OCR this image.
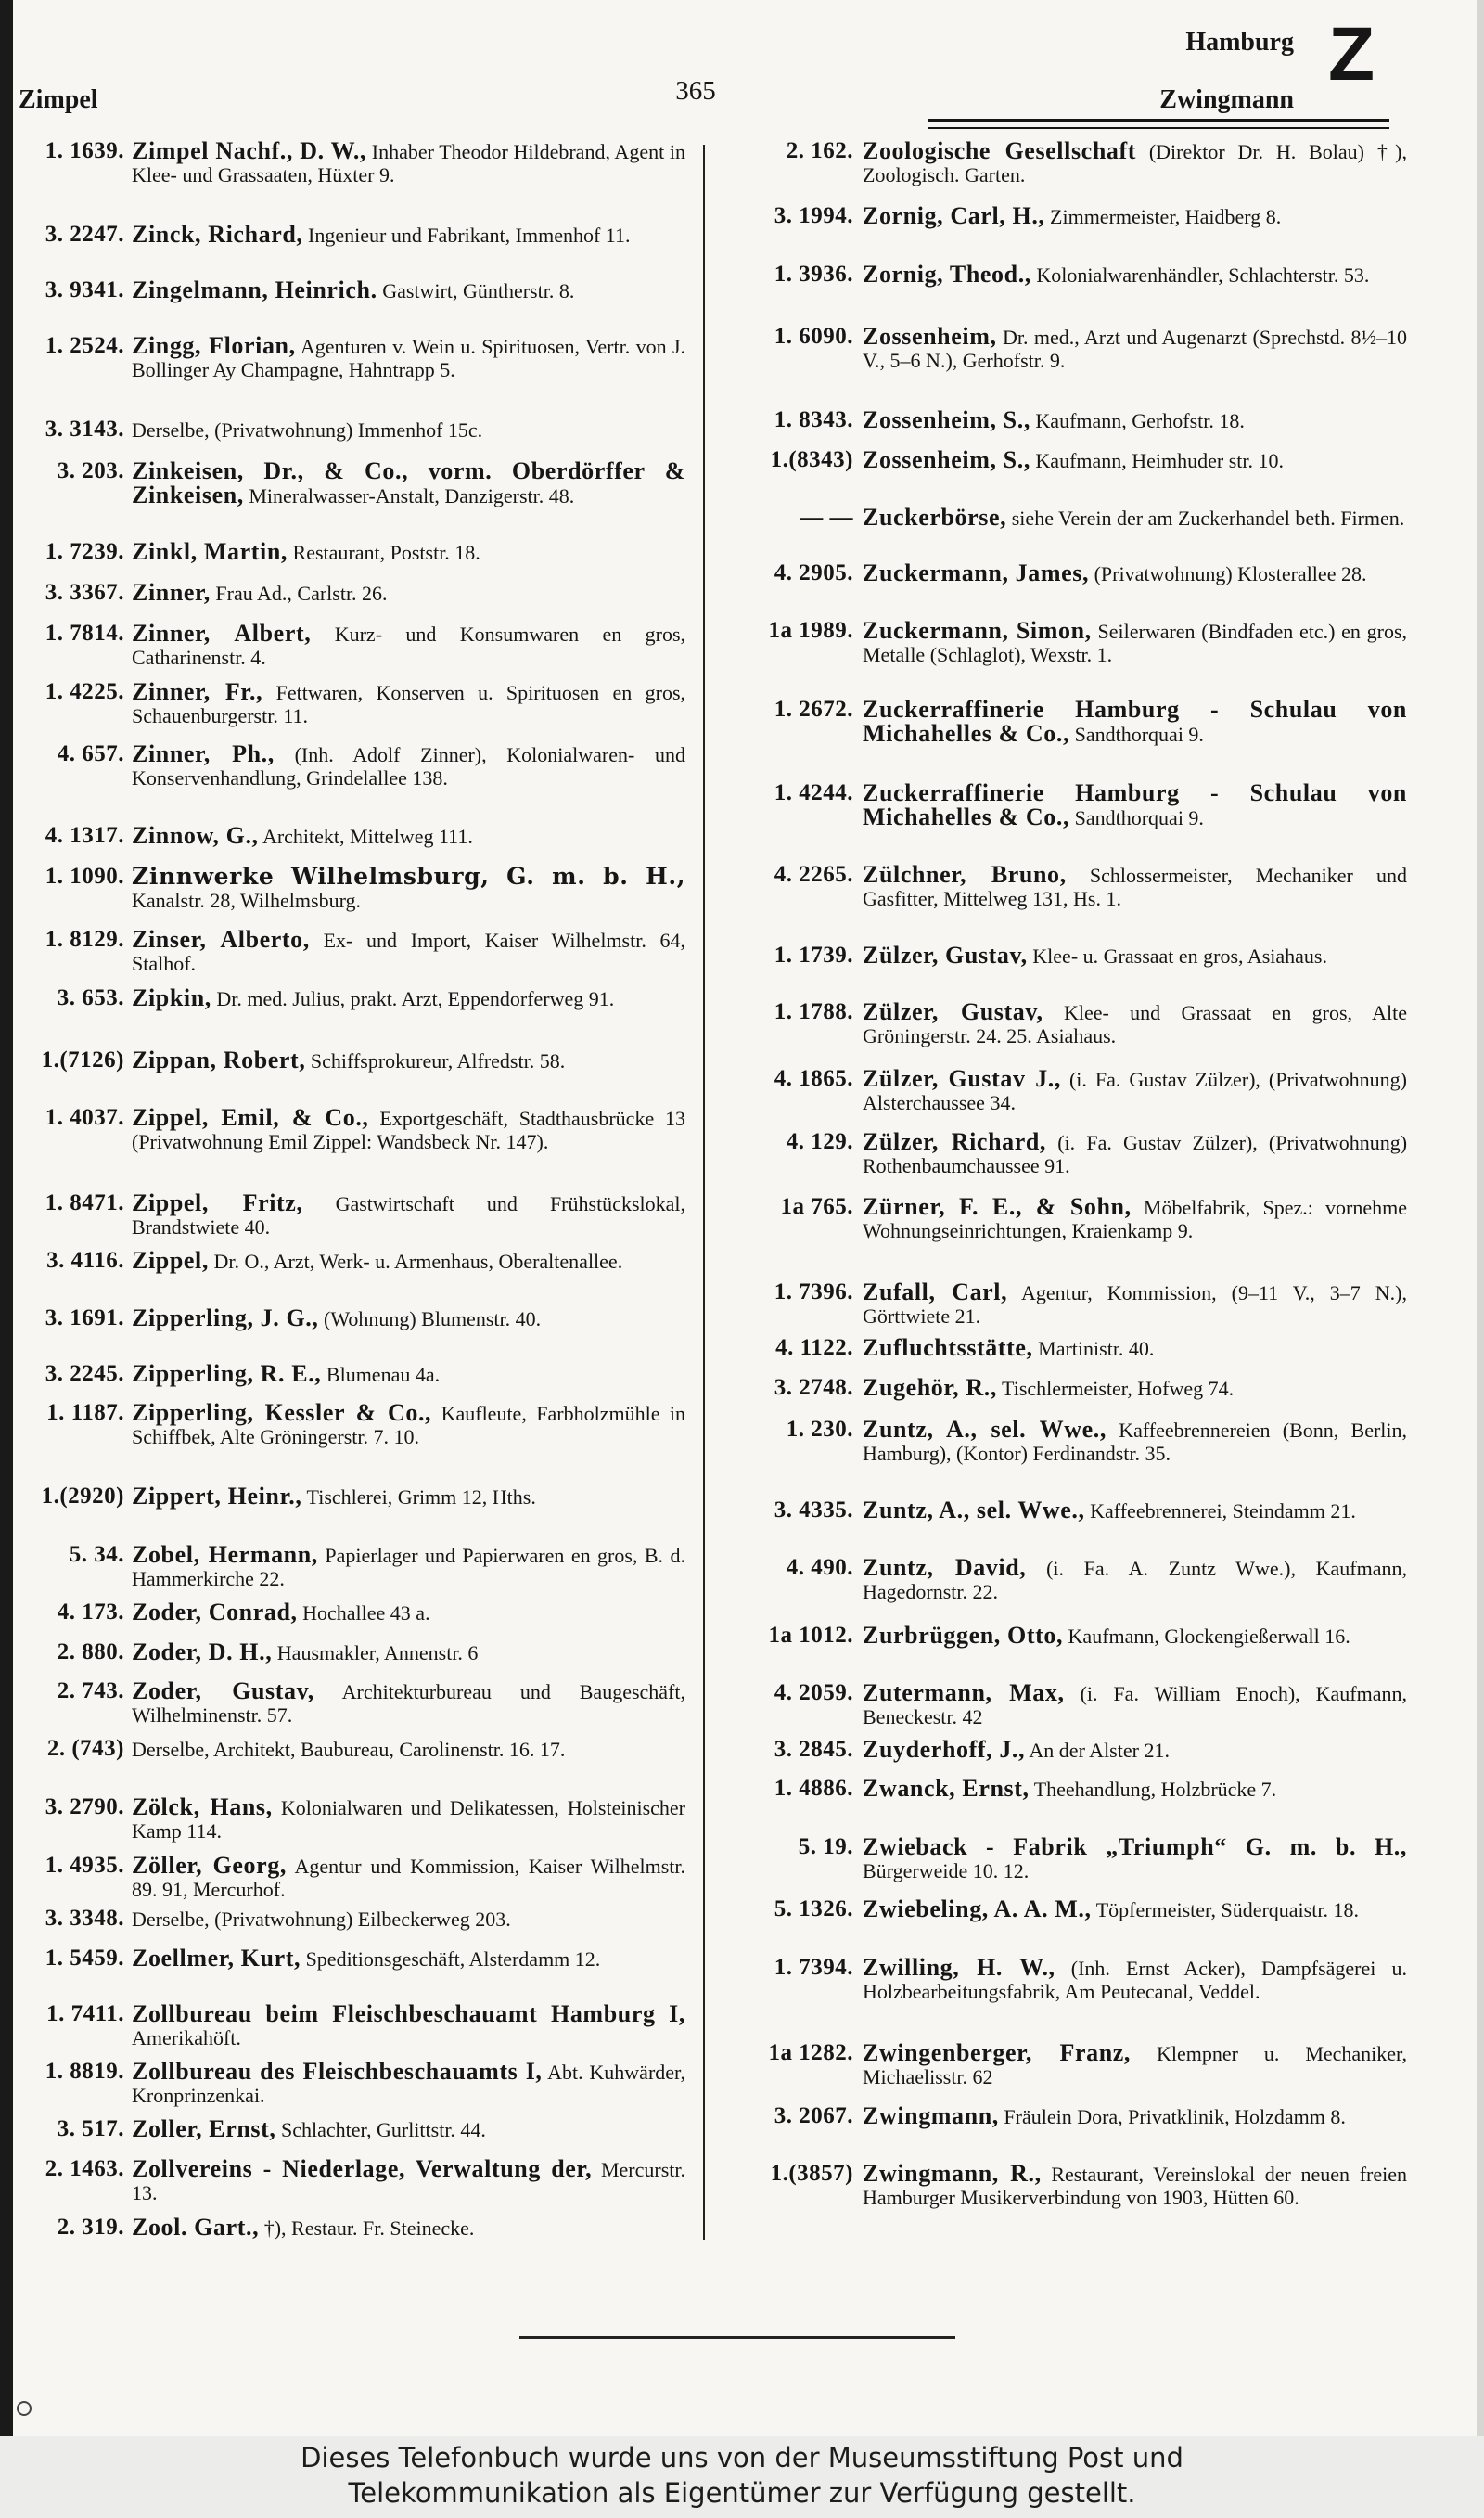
Zimpel	365
Hamburg
Zwingmann
Z
1. 1639. Zimpel Nachf., D. W., Inhaber Theodor Hildebrand, Agent in Klee- und Grassaaten, Hüxter 9.
3. 2247. Zinck, Richard, Ingenieur und Fabrikant, Immenhof 11.
3. 9341. Zingelmann, Heinrich. Gastwirt, Güntherstr. 8.
1. 2524. Zingg, Florian, Agenturen v. Wein u. Spirituosen, Vertr. von J. Bollinger Ay Champagne, Hahntrapp 5.
3. 3143. Derselbe, (Privatwohnung) Immenhof 15c.
3. 203. Zinkeisen, Dr., & Co., vorm. Oberdörffer & Zinkeisen, Mineralwasser-Anstalt, Danzigerstr. 48.
1. 7239. Zinkl, Martin, Restaurant, Poststr. 18.
3. 3367. Zinner, Frau Ad., Carlstr. 26.
1. 7814. Zinner, Albert, Kurz- und Konsumwaren en gros, Catharinenstr. 4.
1. 4225. Zinner, Fr., Fettwaren, Konserven u. Spirituosen en gros, Schauenburgerstr. 11.
4. 657. Zinner, Ph., (Inh. Adolf Zinner), Kolonialwaren- und Konservenhandlung, Grindelallee 138.
4. 1317. Zinnow, G., Architekt, Mittelweg 111.
1. 1090. Zinnwerke Wilhelmsburg, G. m. b. H., Kanalstr. 28, Wilhelmsburg.
1. 8129. Zinser, Alberto, Ex- und Import, Kaiser Wilhelmstr. 64, Stalhof.
3. 653. Zipkin, Dr. med. Julius, prakt. Arzt, Eppendorferweg 91.
1.(7126) Zippan, Robert, Schiffsprokureur, Alfredstr. 58.
1. 4037. Zippel, Emil, & Co., Exportgeschäft, Stadthausbrücke 13 (Privatwohnung Emil Zippel: Wandsbeck Nr. 147).
1. 8471. Zippel, Fritz, Gastwirtschaft und Frühstückslokal, Brandstwiete 40.
3. 4116. Zippel, Dr. O., Arzt, Werk- u. Armenhaus, Oberaltenallee.
3. 1691. Zipperling, J. G., (Wohnung) Blumenstr. 40.
3. 2245. Zipperling, R. E., Blumenau 4a.
1. 1187. Zipperling, Kessler & Co., Kaufleute, Farbholzmühle in Schiffbek, Alte Gröningerstr. 7. 10.
1.(2920) Zippert, Heinr., Tischlerei, Grimm 12, Hths.
5. 34. Zobel, Hermann, Papierlager und Papierwaren en gros, B. d. Hammerkirche 22.
4. 173. Zoder, Conrad, Hochallee 43 a.
2. 880. Zoder, D. H., Hausmakler, Annenstr. 6
2. 743. Zoder, Gustav, Architekturbureau und Baugeschäft, Wilhelminenstr. 57.
2. (743) Derselbe, Architekt, Baubureau, Carolinenstr. 16. 17.
3. 2790. Zölck, Hans, Kolonialwaren und Delikatessen, Holsteinischer Kamp 114.
1. 4935. Zöller, Georg, Agentur und Kommission, Kaiser Wilhelmstr. 89. 91, Mercurhof.
3. 3348. Derselbe, (Privatwohnung) Eilbeckerweg 203.
1. 5459. Zoellmer, Kurt, Speditionsgeschäft, Alsterdamm 12.
1. 7411. Zollbureau beim Fleischbeschauamt Hamburg I, Amerikahöft.
1. 8819. Zollbureau des Fleischbeschauamts I, Abt. Kuhwärder, Kronprinzenkai.
3. 517. Zoller, Ernst, Schlachter, Gurlittstr. 44.
2. 1463. Zollvereins - Niederlage, Verwaltung der, Mercurstr. 13.
2. 319. Zool. Gart., †), Restaur. Fr. Steinecke.
2. 162. Zoologische Gesellschaft (Direktor Dr. H. Bolau) †), Zoologisch. Garten.
3. 1994. Zornig, Carl, H., Zimmermeister, Haidberg 8.
1. 3936. Zornig, Theod., Kolonialwarenhändler, Schlachterstr. 53.
1. 6090. Zossenheim, Dr. med., Arzt und Augenarzt (Sprechstd. 8½–10 V., 5–6 N.), Gerhofstr. 9.
1. 8343. Zossenheim, S., Kaufmann, Gerhofstr. 18.
1.(8343) Zossenheim, S., Kaufmann, Heimhuder str. 10.
— — Zuckerbörse, siehe Verein der am Zuckerhandel beth. Firmen.
4. 2905. Zuckermann, James, (Privatwohnung) Klosterallee 28.
1a 1989. Zuckermann, Simon, Seilerwaren (Bindfaden etc.) en gros, Metalle (Schlaglot), Wexstr. 1.
1. 2672. Zuckerraffinerie Hamburg - Schulau von Michahelles & Co., Sandthorquai 9.
1. 4244. Zuckerraffinerie Hamburg - Schulau von Michahelles & Co., Sandthorquai 9.
4. 2265. Zülchner, Bruno, Schlossermeister, Mechaniker und Gasfitter, Mittelweg 131, Hs. 1.
1. 1739. Zülzer, Gustav, Klee- u. Grassaat en gros, Asiahaus.
1. 1788. Zülzer, Gustav, Klee- und Grassaat en gros, Alte Gröningerstr. 24. 25. Asiahaus.
4. 1865. Zülzer, Gustav J., (i. Fa. Gustav Zülzer), (Privatwohnung) Alsterchaussee 34.
4. 129. Zülzer, Richard, (i. Fa. Gustav Zülzer), (Privatwohnung) Rothenbaumchaussee 91.
1a 765. Zürner, F. E., & Sohn, Möbelfabrik, Spez.: vornehme Wohnungseinrichtungen, Kraienkamp 9.
1. 7396. Zufall, Carl, Agentur, Kommission, (9–11 V., 3–7 N.), Görttwiete 21.
4. 1122. Zufluchtsstätte, Martinistr. 40.
3. 2748. Zugehör, R., Tischlermeister, Hofweg 74.
1. 230. Zuntz, A., sel. Wwe., Kaffeebrennereien (Bonn, Berlin, Hamburg), (Kontor) Ferdinandstr. 35.
3. 4335. Zuntz, A., sel. Wwe., Kaffeebrennerei, Steindamm 21.
4. 490. Zuntz, David, (i. Fa. A. Zuntz Wwe.), Kaufmann, Hagedornstr. 22.
1a 1012. Zurbrüggen, Otto, Kaufmann, Glockengießerwall 16.
4. 2059. Zutermann, Max, (i. Fa. William Enoch), Kaufmann, Beneckestr. 42
3. 2845. Zuyderhoff, J., An der Alster 21.
1. 4886. Zwanck, Ernst, Theehandlung, Holzbrücke 7.
5. 19. Zwieback - Fabrik „Triumph“ G. m. b. H., Bürgerweide 10. 12.
5. 1326. Zwiebeling, A. A. M., Töpfermeister, Süderquaistr. 18.
1. 7394. Zwilling, H. W., (Inh. Ernst Acker), Dampfsägerei u. Holzbearbeitungsfabrik, Am Peutecanal, Veddel.
1a 1282. Zwingenberger, Franz, Klempner u. Mechaniker, Michaelisstr. 62
3. 2067. Zwingmann, Fräulein Dora, Privatklinik, Holzdamm 8.
1.(3857) Zwingmann, R., Restaurant, Vereinslokal der neuen freien Hamburger Musikerverbindung von 1903, Hütten 60.
Dieses Telefonbuch wurde uns von der Museumsstiftung Post und
Telekommunikation als Eigentümer zur Verfügung gestellt.
